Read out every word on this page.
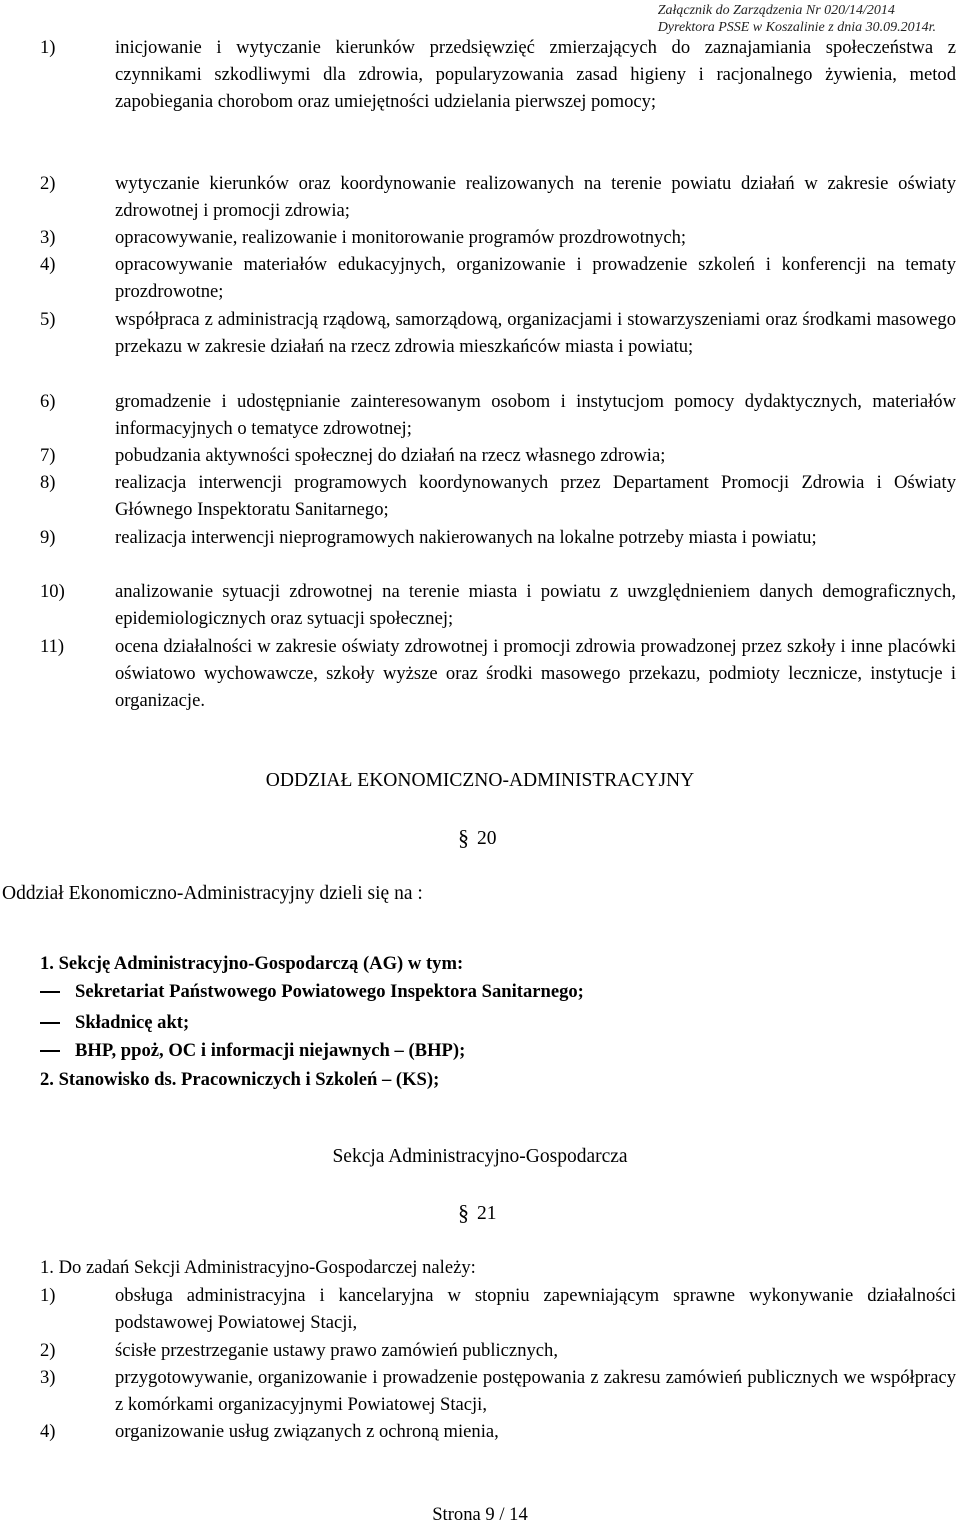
Załącznik do Zarządzenia Nr 020/14/2014
Dyrektora PSSE w Koszalinie z dnia 30.09.2014r.
1)	inicjowanie i wytyczanie kierunków przedsięwzięć zmierzających do zaznajamiania społeczeństwa z czynnikami szkodliwymi dla zdrowia, popularyzowania zasad higieny i racjonalnego żywienia, metod zapobiegania chorobom oraz umiejętności udzielania pierwszej pomocy;
2)	wytyczanie kierunków oraz koordynowanie realizowanych na terenie powiatu działań w zakresie oświaty zdrowotnej i promocji zdrowia;
3)	opracowywanie, realizowanie i monitorowanie programów prozdrowotnych;
4)	opracowywanie materiałów edukacyjnych, organizowanie i prowadzenie szkoleń i konferencji na tematy prozdrowotne;
5)	współpraca z administracją rządową, samorządową, organizacjami i stowarzyszeniami oraz środkami masowego przekazu w zakresie działań na rzecz zdrowia mieszkańców miasta i powiatu;
6)	gromadzenie i udostępnianie zainteresowanym osobom i instytucjom pomocy dydaktycznych, materiałów informacyjnych o tematyce zdrowotnej;
7)	pobudzania aktywności społecznej do działań na rzecz własnego zdrowia;
8)	realizacja interwencji programowych koordynowanych przez Departament Promocji Zdrowia i Oświaty Głównego Inspektoratu Sanitarnego;
9)	realizacja interwencji nieprogramowych nakierowanych na lokalne potrzeby miasta i powiatu;
10)	analizowanie sytuacji zdrowotnej na terenie miasta i powiatu z uwzględnieniem danych demograficznych, epidemiologicznych oraz sytuacji społecznej;
11)	ocena działalności w zakresie oświaty zdrowotnej i promocji zdrowia prowadzonej przez szkoły i inne placówki oświatowo wychowawcze, szkoły wyższe oraz środki masowego przekazu, podmioty lecznicze, instytucje i organizacje.
ODDZIAŁ EKONOMICZNO-ADMINISTRACYJNY
§ 20
Oddział Ekonomiczno-Administracyjny dzieli się na :
1. Sekcję Administracyjno-Gospodarczą (AG) w tym:
Sekretariat Państwowego Powiatowego Inspektora Sanitarnego;
Składnicę akt;
BHP, ppoż, OC i informacji niejawnych – (BHP);
2. Stanowisko ds. Pracowniczych i Szkoleń – (KS);
Sekcja Administracyjno-Gospodarcza
§ 21
1. Do zadań Sekcji Administracyjno-Gospodarczej należy:
1)	obsługa administracyjna i kancelaryjna w stopniu zapewniającym sprawne wykonywanie działalności podstawowej Powiatowej Stacji,
2)	ścisłe przestrzeganie ustawy prawo zamówień publicznych,
3)	przygotowywanie, organizowanie i prowadzenie postępowania z zakresu zamówień publicznych we współpracy z komórkami organizacyjnymi Powiatowej Stacji,
4)	organizowanie usług związanych z ochroną mienia,
Strona 9 / 14
